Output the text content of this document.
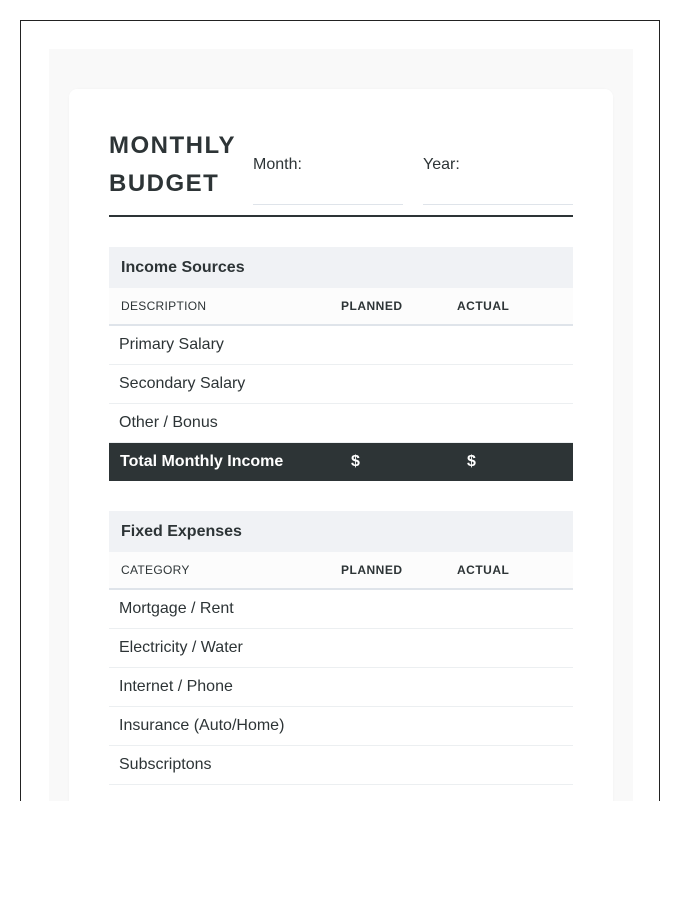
MONTHLY
BUDGET
Month:	Year:
Income Sources
DESCRIPTION	PLANNED	ACTUAL
Primary Salary
Secondary Salary
Other / Bonus
Total Monthly Income	$	$
Fixed Expenses
CATEGORY	PLANNED	ACTUAL
Mortgage / Rent
Electricity / Water
Internet / Phone
Insurance (Auto/Home)
Subscriptons
